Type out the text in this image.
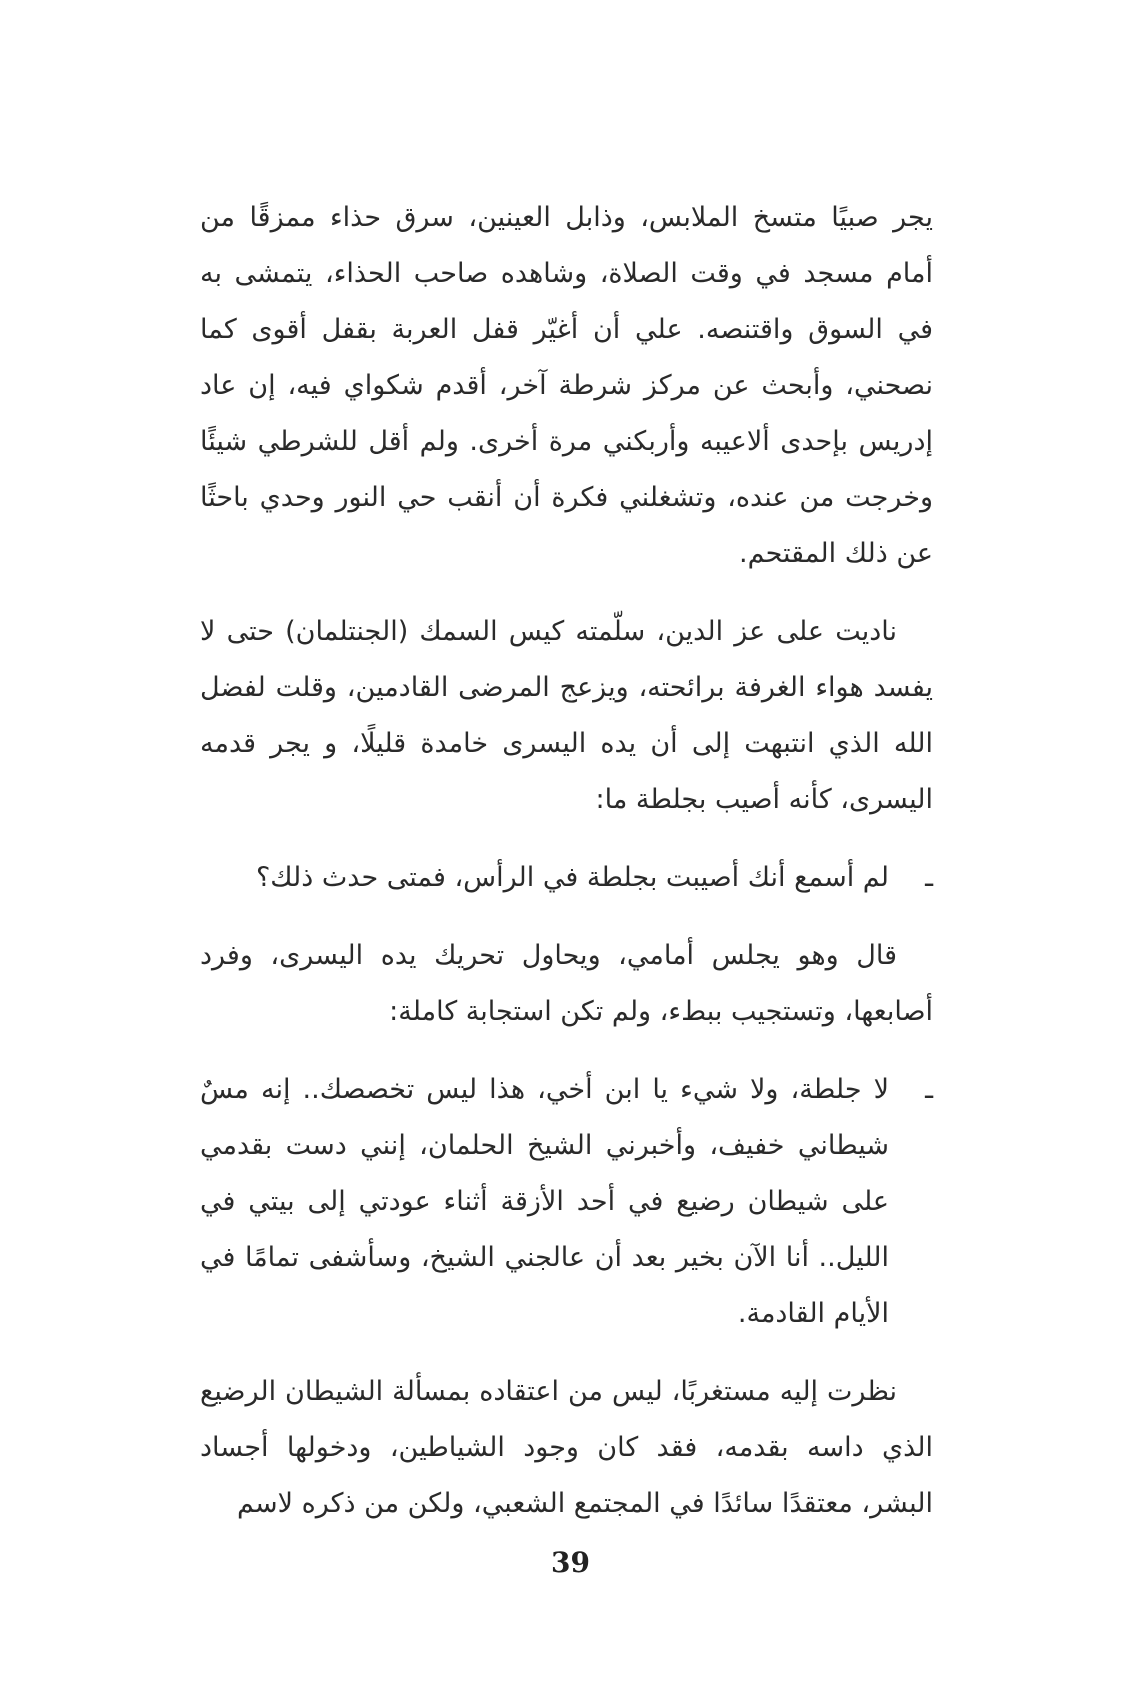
يجر صبيًا متسخ الملابس، وذابل العينين، سرق حذاء ممزقًا من أمام مسجد في وقت الصلاة، وشاهده صاحب الحذاء، يتمشى به في السوق واقتنصه. علي أن أغيّر قفل العربة بقفل أقوى كما نصحني، وأبحث عن مركز شرطة آخر، أقدم شكواي فيه، إن عاد إدريس بإحدى ألاعيبه وأربكني مرة أخرى. ولم أقل للشرطي شيئًا وخرجت من عنده، وتشغلني فكرة أن أنقب حي النور وحدي باحثًا عن ذلك المقتحم.

ناديت على عز الدين، سلّمته كيس السمك (الجنتلمان) حتى لا يفسد هواء الغرفة برائحته، ويزعج المرضى القادمين، وقلت لفضل الله الذي انتبهت إلى أن يده اليسرى خامدة قليلًا، و يجر قدمه اليسرى، كأنه أصيب بجلطة ما:

ـ
لم أسمع أنك أصيبت بجلطة في الرأس، فمتى حدث ذلك؟

قال وهو يجلس أمامي، ويحاول تحريك يده اليسرى، وفرد أصابعها، وتستجيب ببطء، ولم تكن استجابة كاملة:

ـ
لا جلطة، ولا شيء يا ابن أخي، هذا ليس تخصصك.. إنه مسٌ شيطاني خفيف، وأخبرني الشيخ الحلمان، إنني دست بقدمي على شيطان رضيع في أحد الأزقة أثناء عودتي إلى بيتي في الليل.. أنا الآن بخير بعد أن عالجني الشيخ، وسأشفى تمامًا في الأيام القادمة.

نظرت إليه مستغربًا، ليس من اعتقاده بمسألة الشيطان الرضيع الذي داسه بقدمه، فقد كان وجود الشياطين، ودخولها أجساد البشر، معتقدًا سائدًا في المجتمع الشعبي، ولكن من ذكره لاسم

39
